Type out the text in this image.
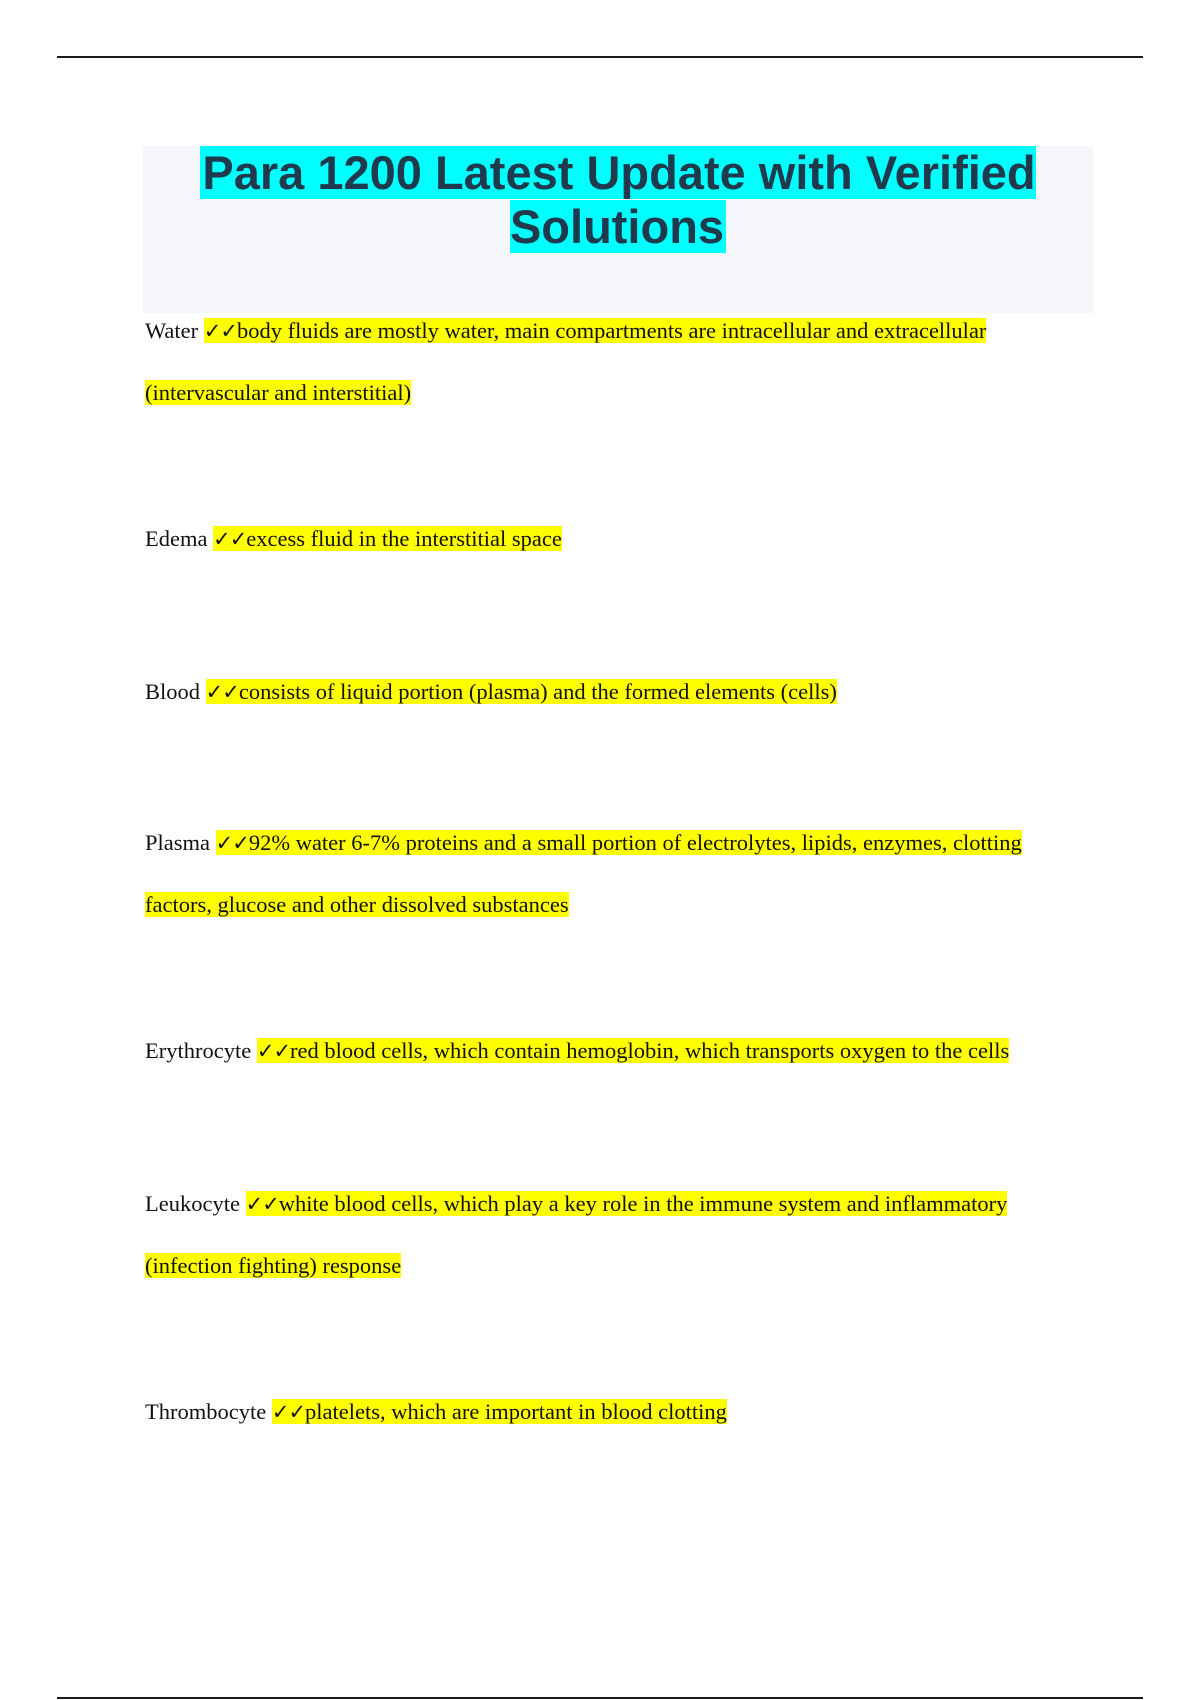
Para 1200 Latest Update with Verified Solutions
Water ✓✓body fluids are mostly water, main compartments are intracellular and extracellular (intervascular and interstitial)
Edema ✓✓excess fluid in the interstitial space
Blood ✓✓consists of liquid portion (plasma) and the formed elements (cells)
Plasma ✓✓92% water 6-7% proteins and a small portion of electrolytes, lipids, enzymes, clotting factors, glucose and other dissolved substances
Erythrocyte ✓✓red blood cells, which contain hemoglobin, which transports oxygen to the cells
Leukocyte ✓✓white blood cells, which play a key role in the immune system and inflammatory (infection fighting) response
Thrombocyte ✓✓platelets, which are important in blood clotting
